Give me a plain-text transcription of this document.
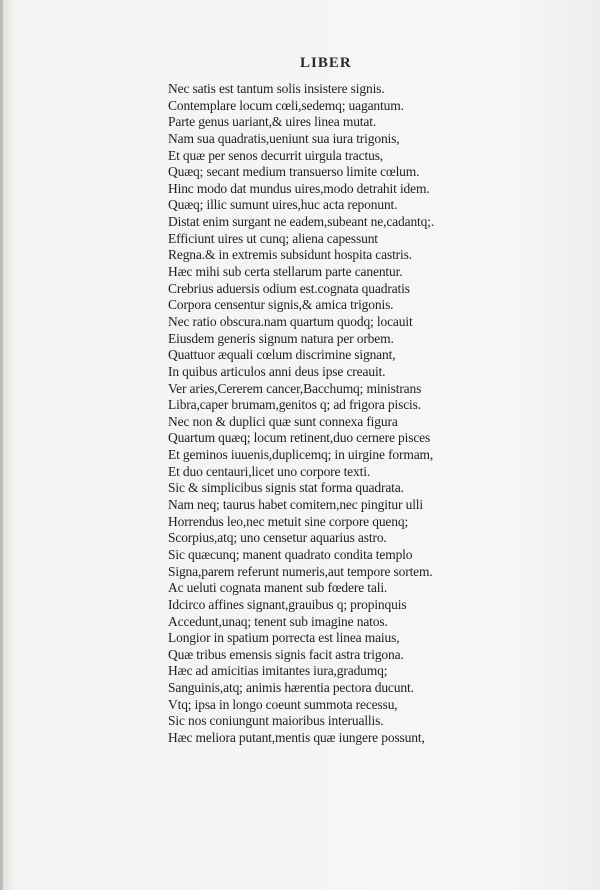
LIBER
Nec satis est tantum solis insistere signis.
Contemplare locum cœli,sedemq; uagantum.
Parte genus uariant,& uires linea mutat.
Nam sua quadratis,ueniunt sua iura trigonis,
Et quæ per senos decurrit uirgula tractus,
Quæq; secant medium transuerso limite cœlum.
Hinc modo dat mundus uires,modo detrahit idem.
Quæq; illic sumunt uires,huc acta reponunt.
Distat enim surgant ne eadem,subeant ne,cadantq;.
Efficiunt uires ut cunq; aliena capessunt
Regna.& in extremis subsidunt hospita castris.
Hæc mihi sub certa stellarum parte canentur.
Crebrius aduersis odium est.cognata quadratis
Corpora censentur signis,& amica trigonis.
Nec ratio obscura.nam quartum quodq; locauit
Eiusdem generis signum natura per orbem.
Quattuor æquali cœlum discrimine signant,
In quibus articulos anni deus ipse creauit.
Ver aries,Cererem cancer,Bacchumq; ministrans
Libra,caper brumam,genitos q; ad frigora piscis.
Nec non & duplici quæ sunt connexa figura
Quartum quæq; locum retinent,duo cernere pisces
Et geminos iuuenis,duplicemq; in uirgine formam,
Et duo centauri,licet uno corpore texti.
Sic & simplicibus signis stat forma quadrata.
Nam neq; taurus habet comitem,nec pingitur ulli
Horrendus leo,nec metuit sine corpore quenq;
Scorpius,atq; uno censetur aquarius astro.
Sic quæcunq; manent quadrato condita templo
Signa,parem referunt numeris,aut tempore sortem.
Ac ueluti cognata manent sub fœdere tali.
Idcirco affines signant,grauibus q; propinquis
Accedunt,unaq; tenent sub imagine natos.
Longior in spatium porrecta est linea maius,
Quæ tribus emensis signis facit astra trigona.
Hæc ad amicitias imitantes iura,gradumq;
Sanguinis,atq; animis hærentia pectora ducunt.
Vtq; ipsa in longo coeunt summota recessu,
Sic nos coniungunt maioribus interuallis.
Hæc meliora putant,mentis quæ iungere possunt,
